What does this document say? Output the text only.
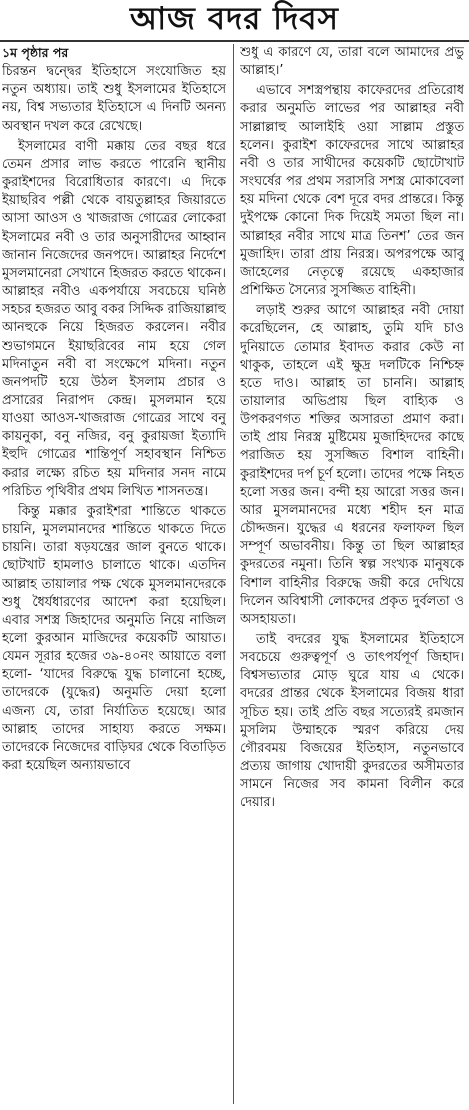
আজ বদর দিবস

১ম পৃষ্ঠার পর
চিরন্তন দ্বন্দ্বের ইতিহাসে সংযোজিত হয় নতুন অধ্যায়। তাই শুধু ইসলামের ইতিহাসে নয়, বিশ্ব সভ্যতার ইতিহাসে এ দিনটি অনন্য অবস্থান দখল করে রেখেছে।

ইসলামের বাণী মক্কায় তের বছর ধরে তেমন প্রসার লাভ করতে পারেনি স্থানীয় কুরাইশদের বিরোধিতার কারণে। এ দিকে ইয়াছরিব পল্লী থেকে বায়তুল্লাহর জিয়ারতে আসা আওস ও খাজরাজ গোত্রের লোকেরা ইসলামের নবী ও তার অনুসারীদের আহ্বান জানান নিজেদের জনপদে। আল্লাহর নির্দেশে মুসলমানেরা সেখানে হিজরত করতে থাকেন। আল্লাহর নবীও একপর্যায়ে সবচেয়ে ঘনিষ্ঠ সহচর হজরত আবু বকর সিদ্দিক রাজিয়াল্লাহু আনহুকে নিয়ে হিজরত করলেন। নবীর শুভাগমনে ইয়াছরিবের নাম হয়ে গেল মদিনাতুন নবী বা সংক্ষেপে মদিনা। নতুন জনপদটি হয়ে উঠল ইসলাম প্রচার ও প্রসারের নিরাপদ কেন্দ্র। মুসলমান হয়ে যাওয়া আওস-খাজরাজ গোত্রের সাথে বনু কায়নুকা, বনু নজির, বনু কুরায়জা ইত্যাদি ইহুদি গোত্রের শান্তিপূর্ণ সহাবস্থান নিশ্চিত করার লক্ষ্যে রচিত হয় মদিনার সনদ নামে পরিচিত পৃথিবীর প্রথম লিখিত শাসনতন্ত্র।

কিন্তু মক্কার কুরাইশরা শান্তিতে থাকতে চায়নি, মুসলমানদের শান্তিতে থাকতে দিতে চায়নি। তারা ষড়যন্ত্রের জাল বুনতে থাকে। ছোটখাট হামলাও চালাতে থাকে। এতদিন আল্লাহ তায়ালার পক্ষ থেকে মুসলমানদেরকে শুধু ধৈর্যধারণের আদেশ করা হয়েছিল। এবার সশস্ত্র জিহাদের অনুমতি নিয়ে নাজিল হলো কুরআন মাজিদের কয়েকটি আয়াত। যেমন সূরার হজের ৩৯-৪০নং আয়াতে বলা হলো- ‘যাদের বিরুদ্ধে যুদ্ধ চালানো হচ্ছে, তাদেরকে (যুদ্ধের) অনুমতি দেয়া হলো এজন্য যে, তারা নির্যাতিত হয়েছে। আর আল্লাহ তাদের সাহায্য করতে সক্ষম। তাদেরকে নিজেদের বাড়িঘর থেকে বিতাড়িত করা হয়েছিল অন্যায়ভাবে

শুধু এ কারণে যে, তারা বলে আমাদের প্রভু আল্লাহ।’

এভাবে সশস্ত্রপন্থায় কাফেরদের প্রতিরোধ করার অনুমতি লাভের পর আল্লাহর নবী সাল্লাল্লাহু আলাইহি ওয়া সাল্লাম প্রস্তুত হলেন। কুরাইশ কাফেরদের সাথে আল্লাহর নবী ও তার সাথীদের কয়েকটি ছোটোখাট সংঘর্ষের পর প্রথম সরাসরি সশস্ত্র মোকাবেলা হয় মদিনা থেকে বেশ দূরে বদর প্রান্তরে। কিন্তু দুইপক্ষে কোনো দিক দিয়েই সমতা ছিল না। আল্লাহর নবীর সাথে মাত্র তিনশ’ তের জন মুজাহিদ। তারা প্রায় নিরস্ত্র। অপরপক্ষে আবু জাহেলের নেতৃত্বে রয়েছে একহাজার প্রশিক্ষিত সৈন্যের সুসজ্জিত বাহিনী।

লড়াই শুরুর আগে আল্লাহর নবী দোয়া করেছিলেন, হে আল্লাহ, তুমি যদি চাও দুনিয়াতে তোমার ইবাদত করার কেউ না থাকুক, তাহলে এই ক্ষুদ্র দলটিকে নিশ্চিহ্ন হতে দাও। আল্লাহ তা চাননি। আল্লাহ তায়ালার অভিপ্রায় ছিল বাহ্যিক ও উপকরণগত শক্তির অসারতা প্রমাণ করা। তাই প্রায় নিরস্ত্র মুষ্টিমেয় মুজাহিদদের কাছে পরাজিত হয় সুসজ্জিত বিশাল বাহিনী। কুরাইশদের দর্প চূর্ণ হলো। তাদের পক্ষে নিহত হলো সত্তর জন। বন্দী হয় আরো সত্তর জন। আর মুসলমানদের মধ্যে শহীদ হন মাত্র চৌদ্দজন। যুদ্ধের এ ধরনের ফলাফল ছিল সম্পূর্ণ অভাবনীয়। কিন্তু তা ছিল আল্লাহর কুদরতের নমুনা। তিনি স্বল্প সংখ্যক মানুষকে বিশাল বাহিনীর বিরুদ্ধে জয়ী করে দেখিয়ে দিলেন অবিশ্বাসী লোকদের প্রকৃত দুর্বলতা ও অসহায়তা।

তাই বদরের যুদ্ধ ইসলামের ইতিহাসে সবচেয়ে গুরুত্বপূর্ণ ও তাৎপর্যপূর্ণ জিহাদ। বিশ্বসভ্যতার মোড় ঘুরে যায় এ থেকে। বদরের প্রান্তর থেকে ইসলামের বিজয় ধারা সূচিত হয়। তাই প্রতি বছর সত্যেরই রমজান মুসলিম উম্মাহকে স্মরণ করিয়ে দেয় গৌরবময় বিজয়ের ইতিহাস, নতুনভাবে প্রত্যয় জাগায় খোদায়ী কুদরতের অসীমতার সামনে নিজের সব কামনা বিলীন করে দেয়ার।
